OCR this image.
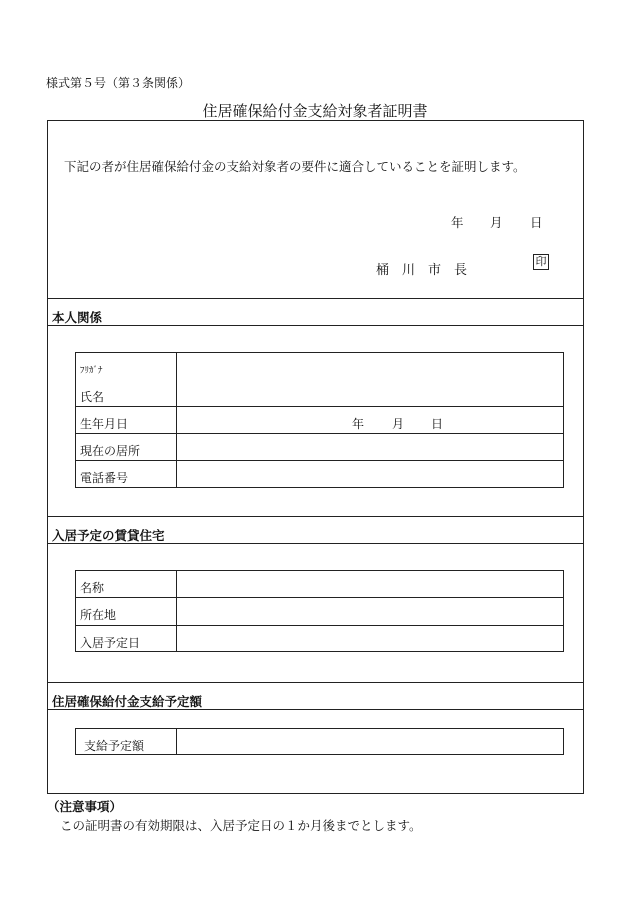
様式第５号（第３条関係）
住居確保給付金支給対象者証明書
下記の者が住居確保給付金の支給対象者の要件に適合していることを証明します。
年 月 日
桶 川 市 長
印
本人関係
ﾌﾘｶﾞﾅ
氏名
生年月日	年 月 日
現在の居所
電話番号
入居予定の賃貸住宅
名称
所在地
入居予定日
住居確保給付金支給予定額
支給予定額
（注意事項）
この証明書の有効期限は、入居予定日の１か月後までとします。
